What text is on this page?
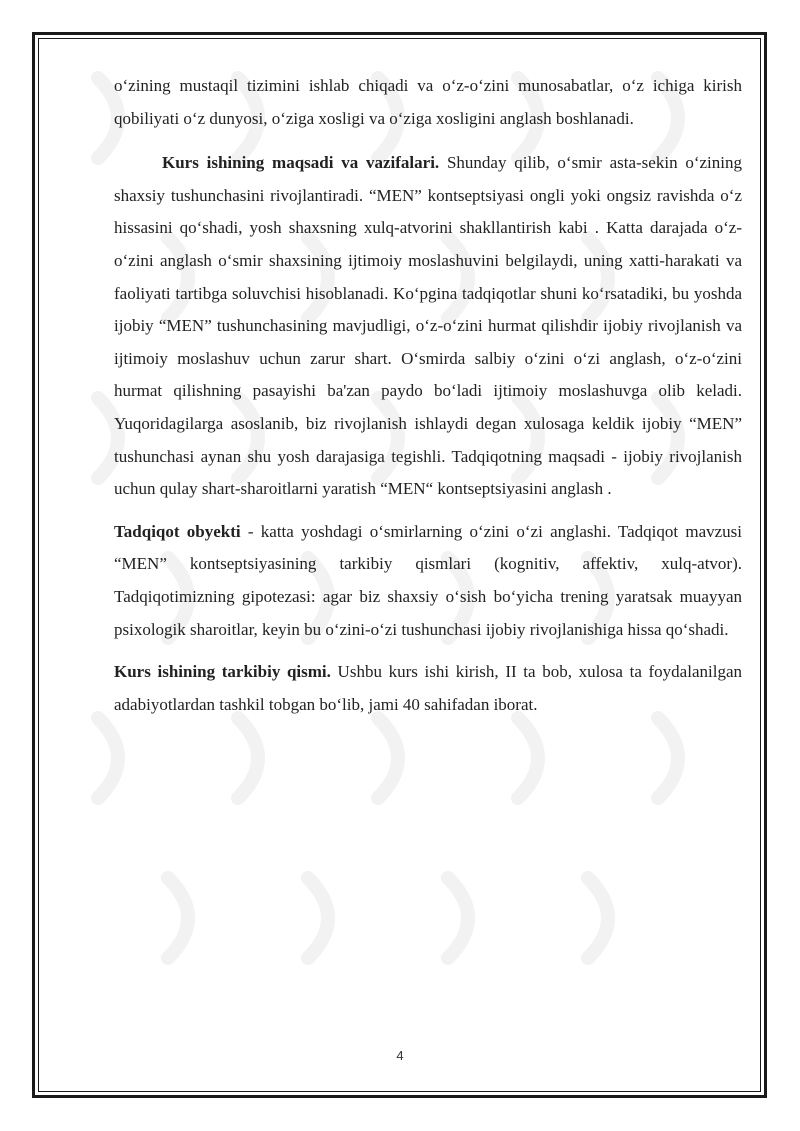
o‘zining mustaqil tizimini ishlab chiqadi va o‘z-o‘zini munosabatlar, o‘z ichiga kirish qobiliyati o‘z dunyosi, o‘ziga xosligi va o‘ziga xosligini anglash boshlanadi.

Kurs ishining maqsadi va vazifalari. Shunday qilib, o‘smir asta-sekin o‘zining shaxsiy tushunchasini rivojlantiradi. “MEN” kontseptsiyasi ongli yoki ongsiz ravishda o‘z hissasini qo‘shadi, yosh shaxsning xulq-atvorini shakllantirish kabi . Katta darajada o‘z-o‘zini anglash o‘smir shaxsining ijtimoiy moslashuvini belgilaydi, uning xatti-harakati va faoliyati tartibga soluvchisi hisoblanadi. Ko‘pgina tadqiqotlar shuni ko‘rsatadiki, bu yoshda ijobiy “MEN” tushunchasining mavjudligi, o‘z-o‘zini hurmat qilishdir ijobiy rivojlanish va ijtimoiy moslashuv uchun zarur shart. O‘smirda salbiy o‘zini o‘zi anglash, o‘z-o‘zini hurmat qilishning pasayishi ba'zan paydo bo‘ladi ijtimoiy moslashuvga olib keladi. Yuqoridagilarga asoslanib, biz rivojlanish ishlaydi degan xulosaga keldik ijobiy “MEN” tushunchasi aynan shu yosh darajasiga tegishli. Tadqiqotning maqsadi - ijobiy rivojlanish uchun qulay shart-sharoitlarni yaratish “MEN“ kontseptsiyasini anglash .

Tadqiqot obyekti - katta yoshdagi o‘smirlarning o‘zini o‘zi anglashi. Tadqiqot mavzusi “MEN” kontseptsiyasining tarkibiy qismlari (kognitiv, affektiv, xulq-atvor). Tadqiqotimizning gipotezasi: agar biz shaxsiy o‘sish bo‘yicha trening yaratsak muayyan psixologik sharoitlar, keyin bu o‘zini-o‘zi tushunchasi ijobiy rivojlanishiga hissa qo‘shadi.

Kurs ishining tarkibiy qismi. Ushbu kurs ishi kirish, II ta bob, xulosa ta foydalanilgan adabiyotlardan tashkil tobgan bo‘lib, jami 40 sahifadan iborat.

4
